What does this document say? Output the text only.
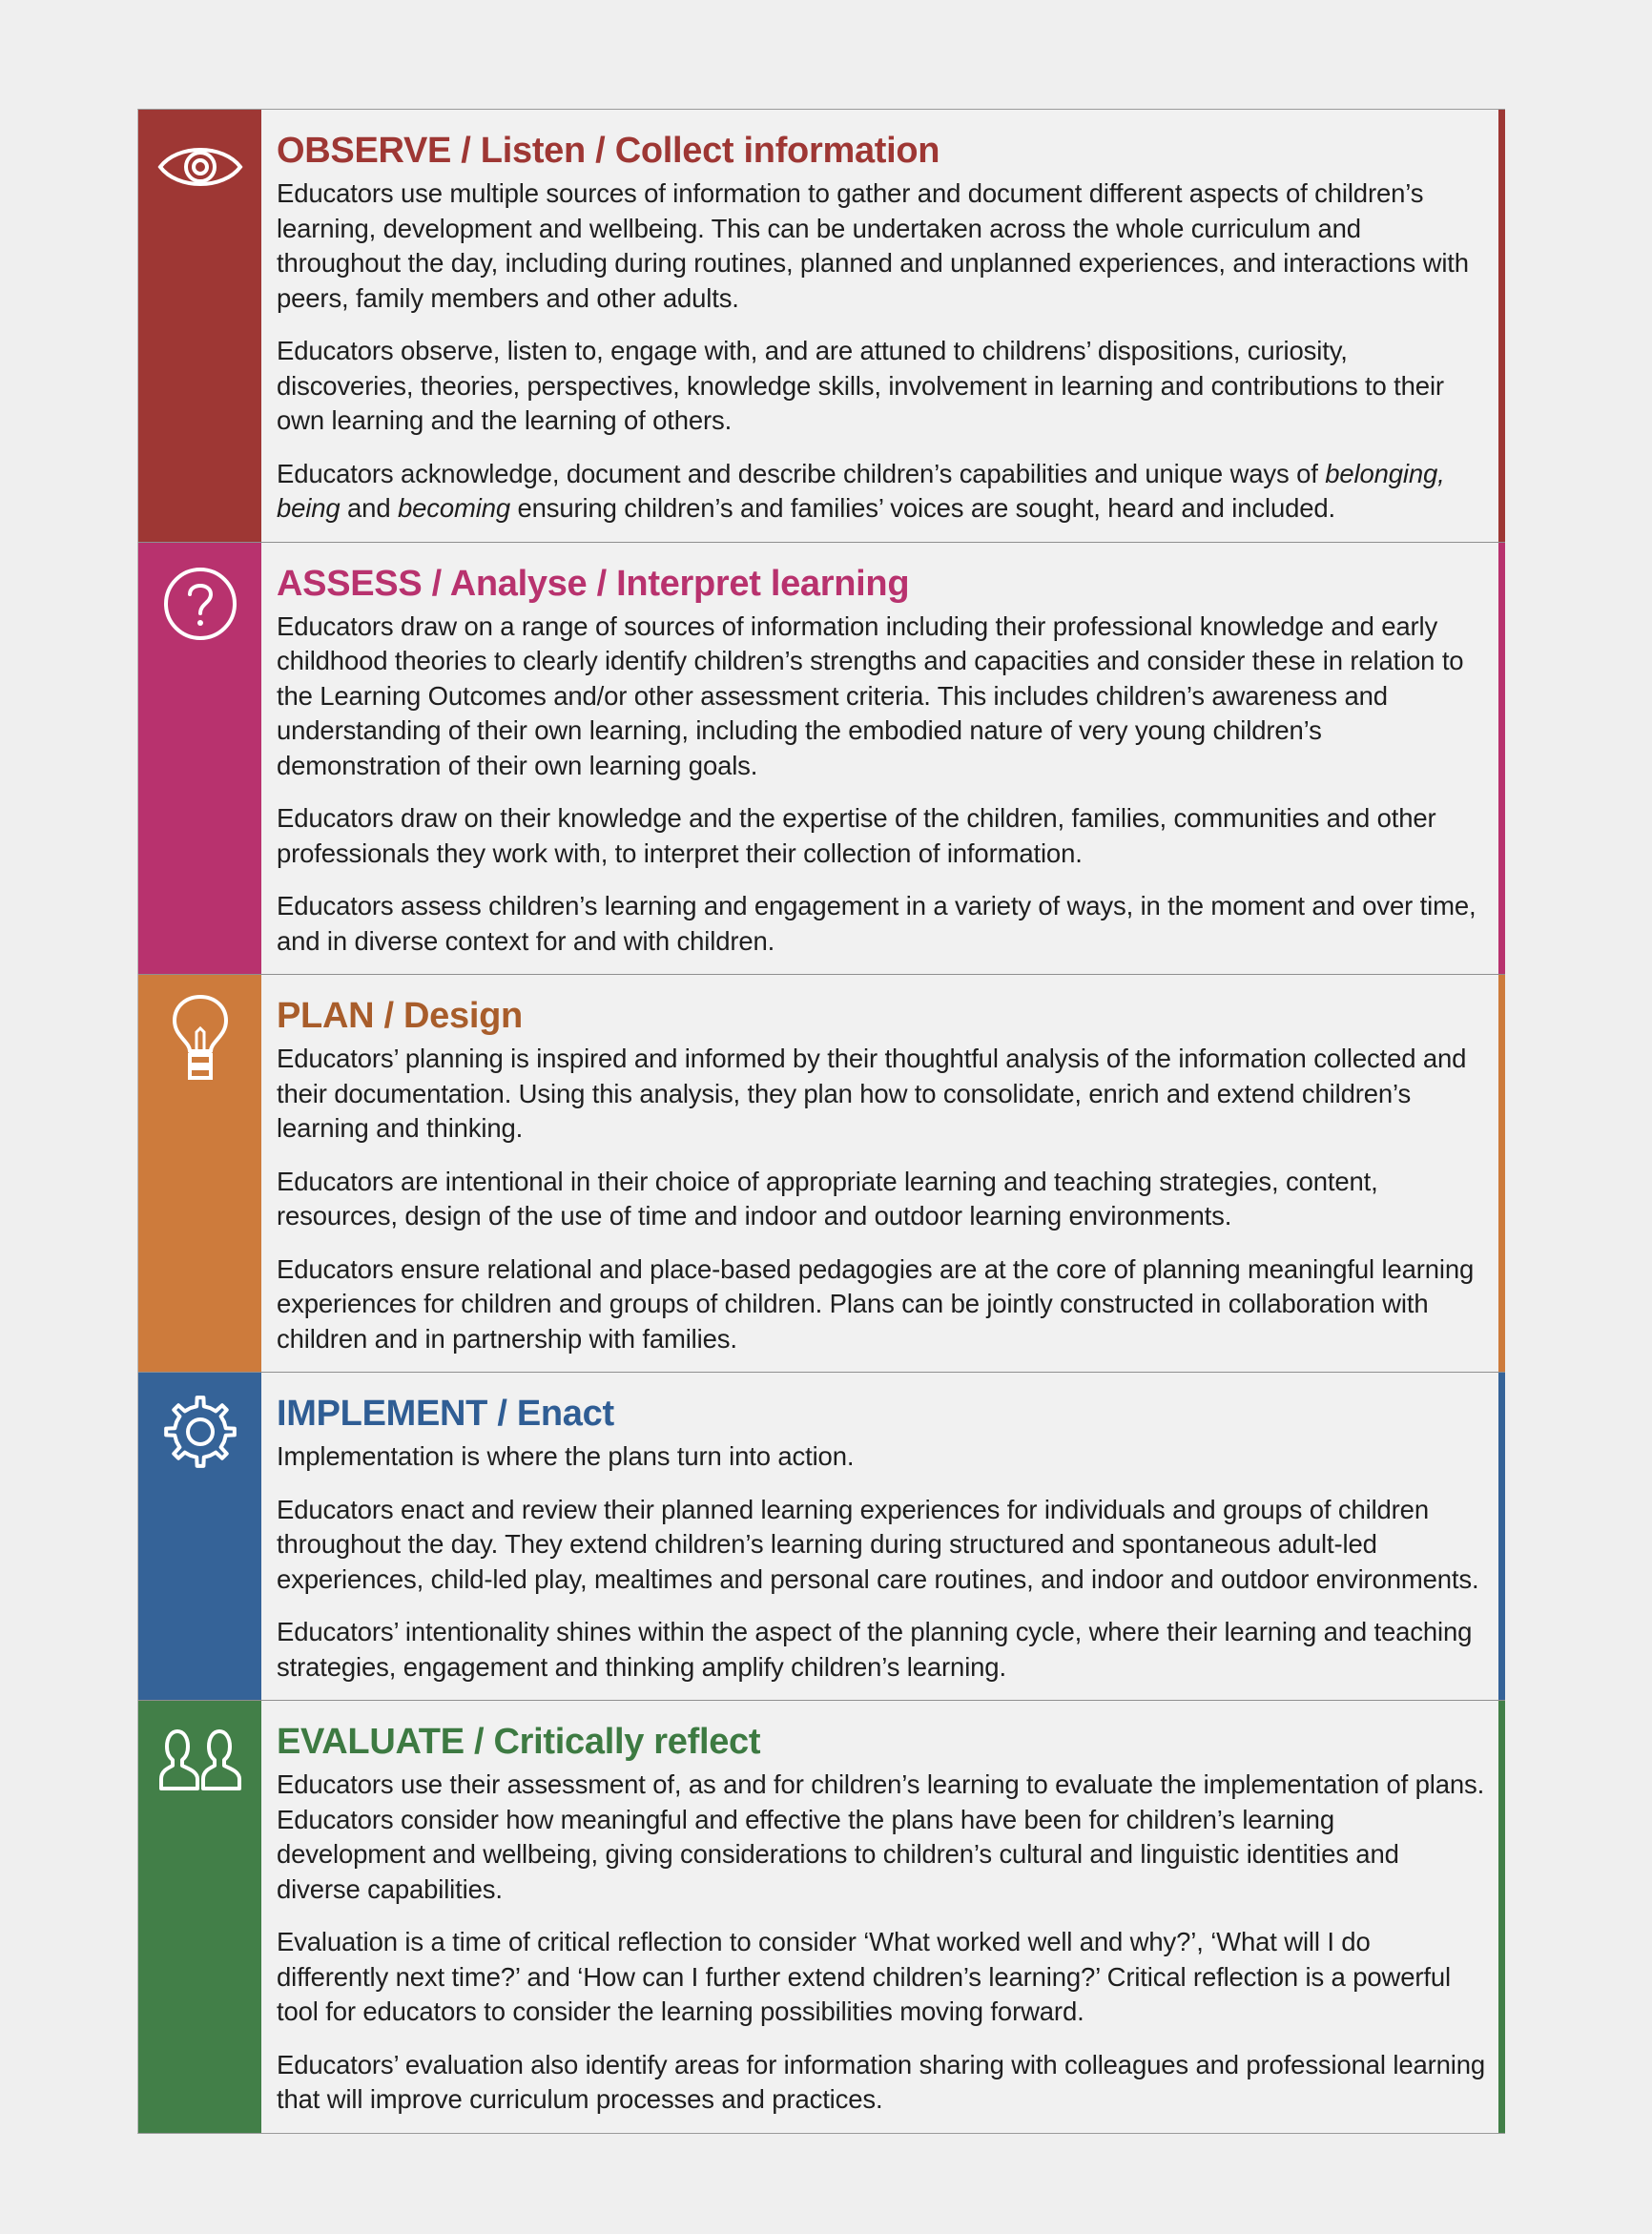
OBSERVE / Listen / Collect information

Educators use multiple sources of information to gather and document different aspects of children’s learning, development and wellbeing. This can be undertaken across the whole curriculum and throughout the day, including during routines, planned and unplanned experiences, and interactions with peers, family members and other adults.

Educators observe, listen to, engage with, and are attuned to childrens’ dispositions, curiosity, discoveries, theories, perspectives, knowledge skills, involvement in learning and contributions to their own learning and the learning of others.

Educators acknowledge, document and describe children’s capabilities and unique ways of belonging, being and becoming ensuring children’s and families’ voices are sought, heard and included.

ASSESS / Analyse / Interpret learning

Educators draw on a range of sources of information including their professional knowledge and early childhood theories to clearly identify children’s strengths and capacities and consider these in relation to the Learning Outcomes and/or other assessment criteria. This includes children’s awareness and understanding of their own learning, including the embodied nature of very young children’s demonstration of their own learning goals.

Educators draw on their knowledge and the expertise of the children, families, communities and other professionals they work with, to interpret their collection of information.

Educators assess children’s learning and engagement in a variety of ways, in the moment and over time, and in diverse context for and with children.

PLAN / Design

Educators’ planning is inspired and informed by their thoughtful analysis of the information collected and their documentation. Using this analysis, they plan how to consolidate, enrich and extend children’s learning and thinking.

Educators are intentional in their choice of appropriate learning and teaching strategies, content, resources, design of the use of time and indoor and outdoor learning environments.

Educators ensure relational and place-based pedagogies are at the core of planning meaningful learning experiences for children and groups of children. Plans can be jointly constructed in collaboration with children and in partnership with families.

IMPLEMENT / Enact

Implementation is where the plans turn into action.

Educators enact and review their planned learning experiences for individuals and groups of children throughout the day. They extend children’s learning during structured and spontaneous adult-led experiences, child-led play, mealtimes and personal care routines, and indoor and outdoor environments.

Educators’ intentionality shines within the aspect of the planning cycle, where their learning and teaching strategies, engagement and thinking amplify children’s learning.

EVALUATE / Critically reflect

Educators use their assessment of, as and for children’s learning to evaluate the implementation of plans. Educators consider how meaningful and effective the plans have been for children’s learning development and wellbeing, giving considerations to children’s cultural and linguistic identities and diverse capabilities.

Evaluation is a time of critical reflection to consider ‘What worked well and why?’, ‘What will I do differently next time?’ and ‘How can I further extend children’s learning?’ Critical reflection is a powerful tool for educators to consider the learning possibilities moving forward.

Educators’ evaluation also identify areas for information sharing with colleagues and professional learning that will improve curriculum processes and practices.
